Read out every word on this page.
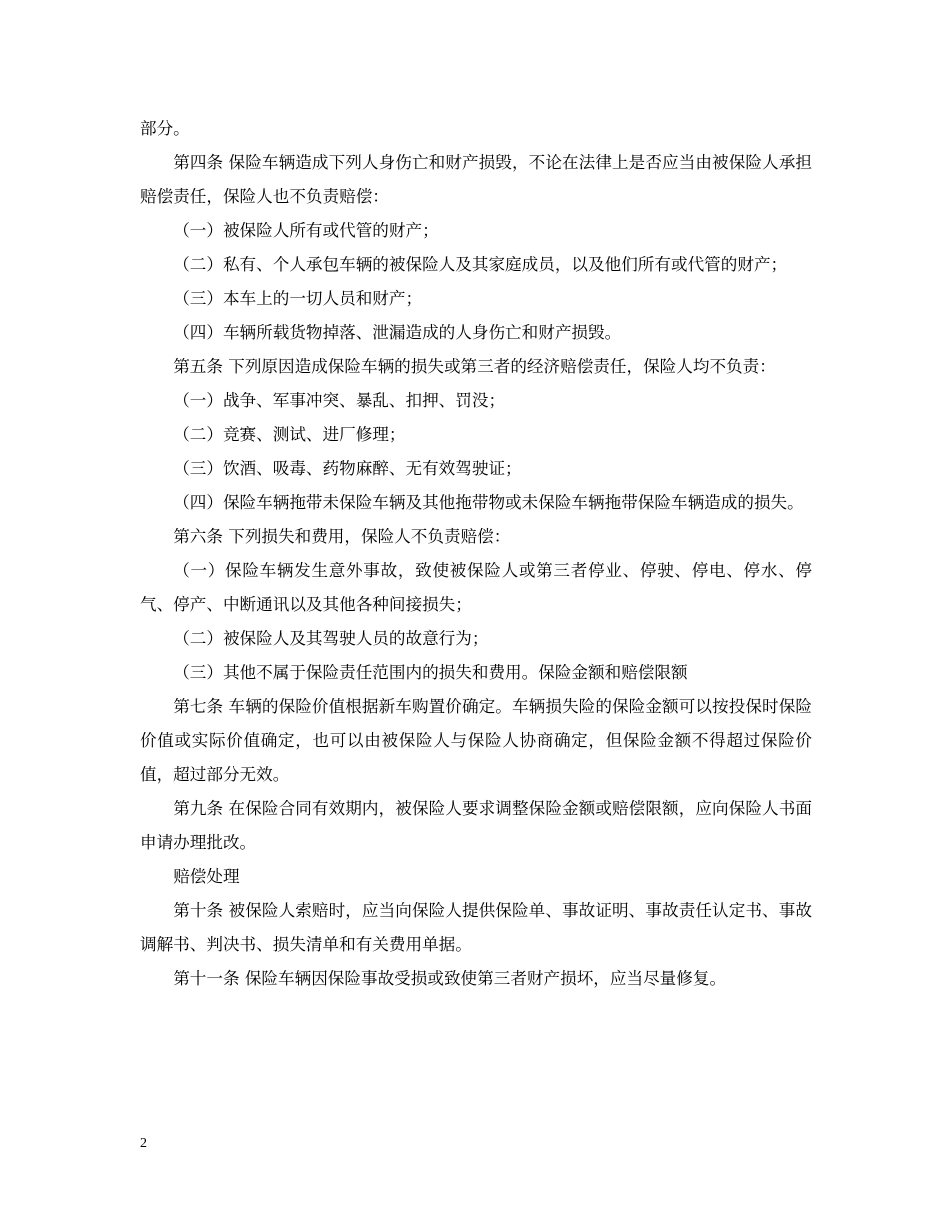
部分。

第四条 保险车辆造成下列人身伤亡和财产损毁，不论在法律上是否应当由被保险人承担赔偿责任，保险人也不负责赔偿：

（一）被保险人所有或代管的财产；

（二）私有、个人承包车辆的被保险人及其家庭成员，以及他们所有或代管的财产；

（三）本车上的一切人员和财产；

（四）车辆所载货物掉落、泄漏造成的人身伤亡和财产损毁。

第五条 下列原因造成保险车辆的损失或第三者的经济赔偿责任，保险人均不负责：

（一）战争、军事冲突、暴乱、扣押、罚没；

（二）竞赛、测试、进厂修理；

（三）饮酒、吸毒、药物麻醉、无有效驾驶证；

（四）保险车辆拖带未保险车辆及其他拖带物或未保险车辆拖带保险车辆造成的损失。

第六条 下列损失和费用，保险人不负责赔偿：

（一）保险车辆发生意外事故，致使被保险人或第三者停业、停驶、停电、停水、停气、停产、中断通讯以及其他各种间接损失；

（二）被保险人及其驾驶人员的故意行为；

（三）其他不属于保险责任范围内的损失和费用。保险金额和赔偿限额

第七条 车辆的保险价值根据新车购置价确定。车辆损失险的保险金额可以按投保时保险价值或实际价值确定，也可以由被保险人与保险人协商确定，但保险金额不得超过保险价值，超过部分无效。

第九条 在保险合同有效期内，被保险人要求调整保险金额或赔偿限额，应向保险人书面申请办理批改。

赔偿处理

第十条 被保险人索赔时，应当向保险人提供保险单、事故证明、事故责任认定书、事故调解书、判决书、损失清单和有关费用单据。

第十一条 保险车辆因保险事故受损或致使第三者财产损坏，应当尽量修复。

2
